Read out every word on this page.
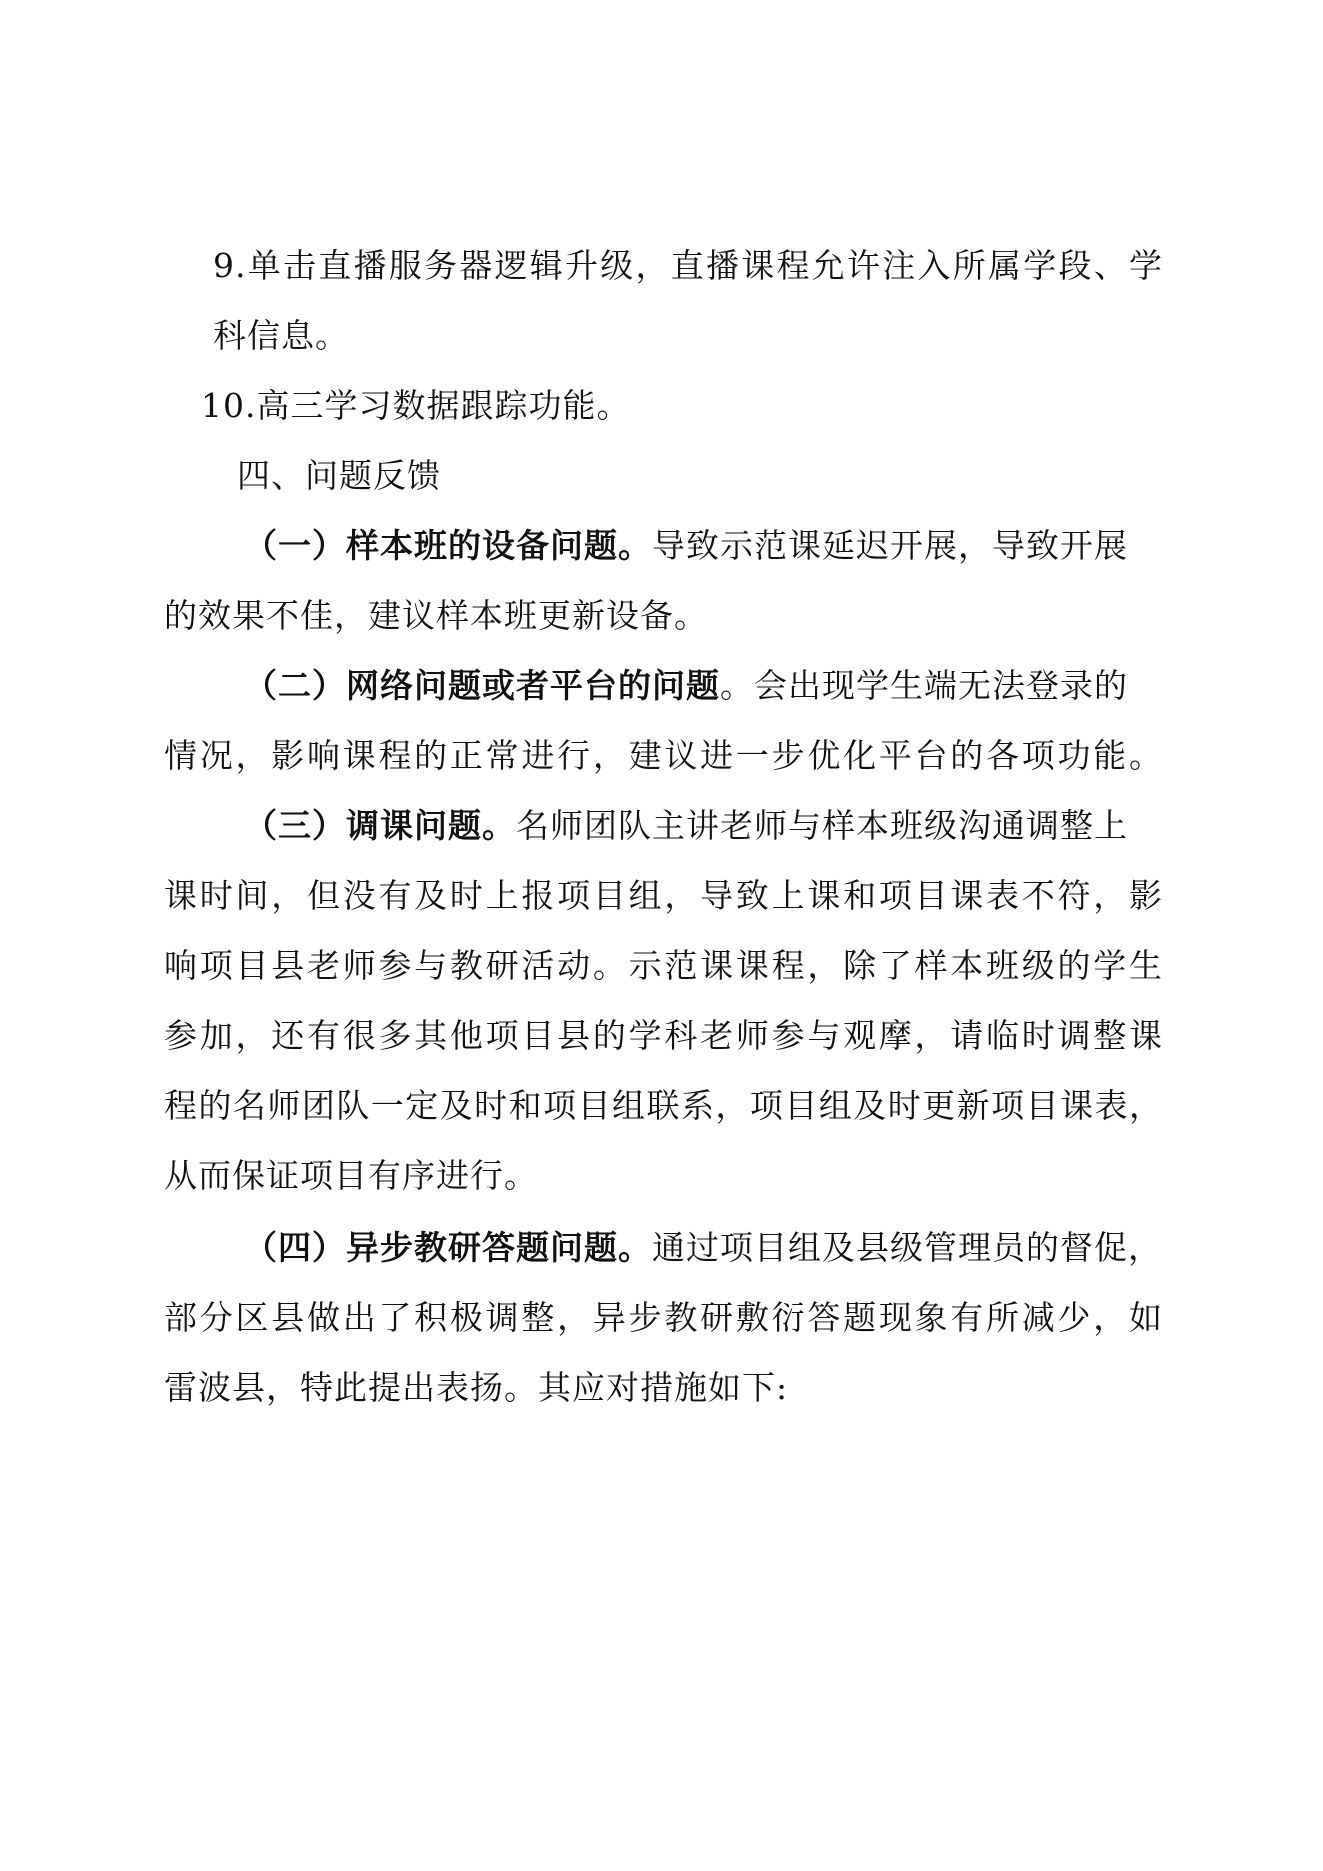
9.单击直播服务器逻辑升级，直播课程允许注入所属学段、学
科信息。
10.高三学习数据跟踪功能。
四、问题反馈
（一）样本班的设备问题。导致示范课延迟开展，导致开展
的效果不佳，建议样本班更新设备。
（二）网络问题或者平台的问题。会出现学生端无法登录的
情况，影响课程的正常进行，建议进一步优化平台的各项功能。
（三）调课问题。名师团队主讲老师与样本班级沟通调整上
课时间，但没有及时上报项目组，导致上课和项目课表不符，影
响项目县老师参与教研活动。示范课课程，除了样本班级的学生
参加，还有很多其他项目县的学科老师参与观摩，请临时调整课
程的名师团队一定及时和项目组联系，项目组及时更新项目课表，
从而保证项目有序进行。
（四）异步教研答题问题。通过项目组及县级管理员的督促，
部分区县做出了积极调整，异步教研敷衍答题现象有所减少，如
雷波县，特此提出表扬。其应对措施如下:
